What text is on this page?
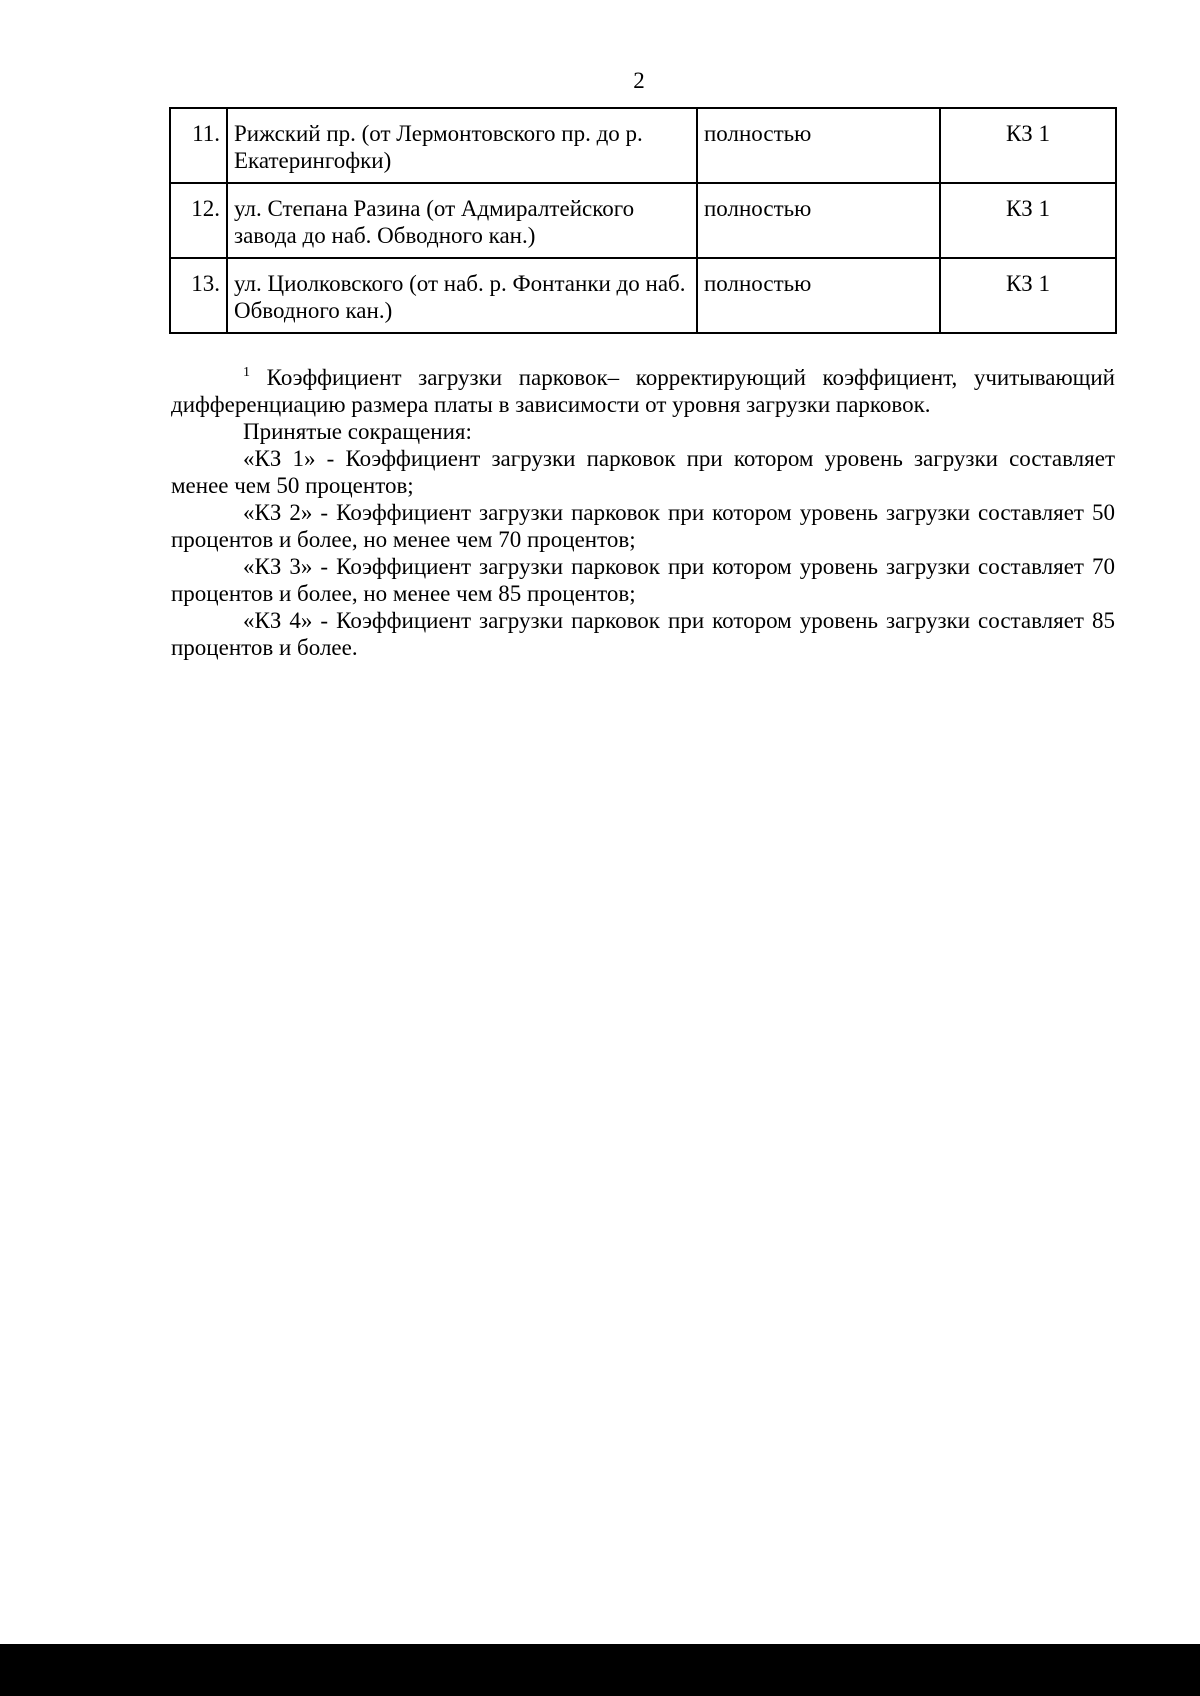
2
11.	Рижский пр. (от Лермонтовского пр. до р. Екатерингофки)	полностью	КЗ 1
12.	ул. Степана Разина (от Адмиралтейского завода до наб. Обводного кан.)	полностью	КЗ 1
13.	ул. Циолковского (от наб. р. Фонтанки до наб. Обводного кан.)	полностью	КЗ 1

$^1$ Коэффициент загрузки парковок– корректирующий коэффициент, учитывающий дифференциацию размера платы в зависимости от уровня загрузки парковок.

Принятые сокращения:

«КЗ 1» - Коэффициент загрузки парковок при котором уровень загрузки составляет менее чем 50 процентов;

«КЗ 2» - Коэффициент загрузки парковок при котором уровень загрузки составляет 50 процентов и более, но менее чем 70 процентов;

«КЗ 3» - Коэффициент загрузки парковок при котором уровень загрузки составляет 70 процентов и более, но менее чем 85 процентов;

«КЗ 4» - Коэффициент загрузки парковок при котором уровень загрузки составляет 85 процентов и более.
